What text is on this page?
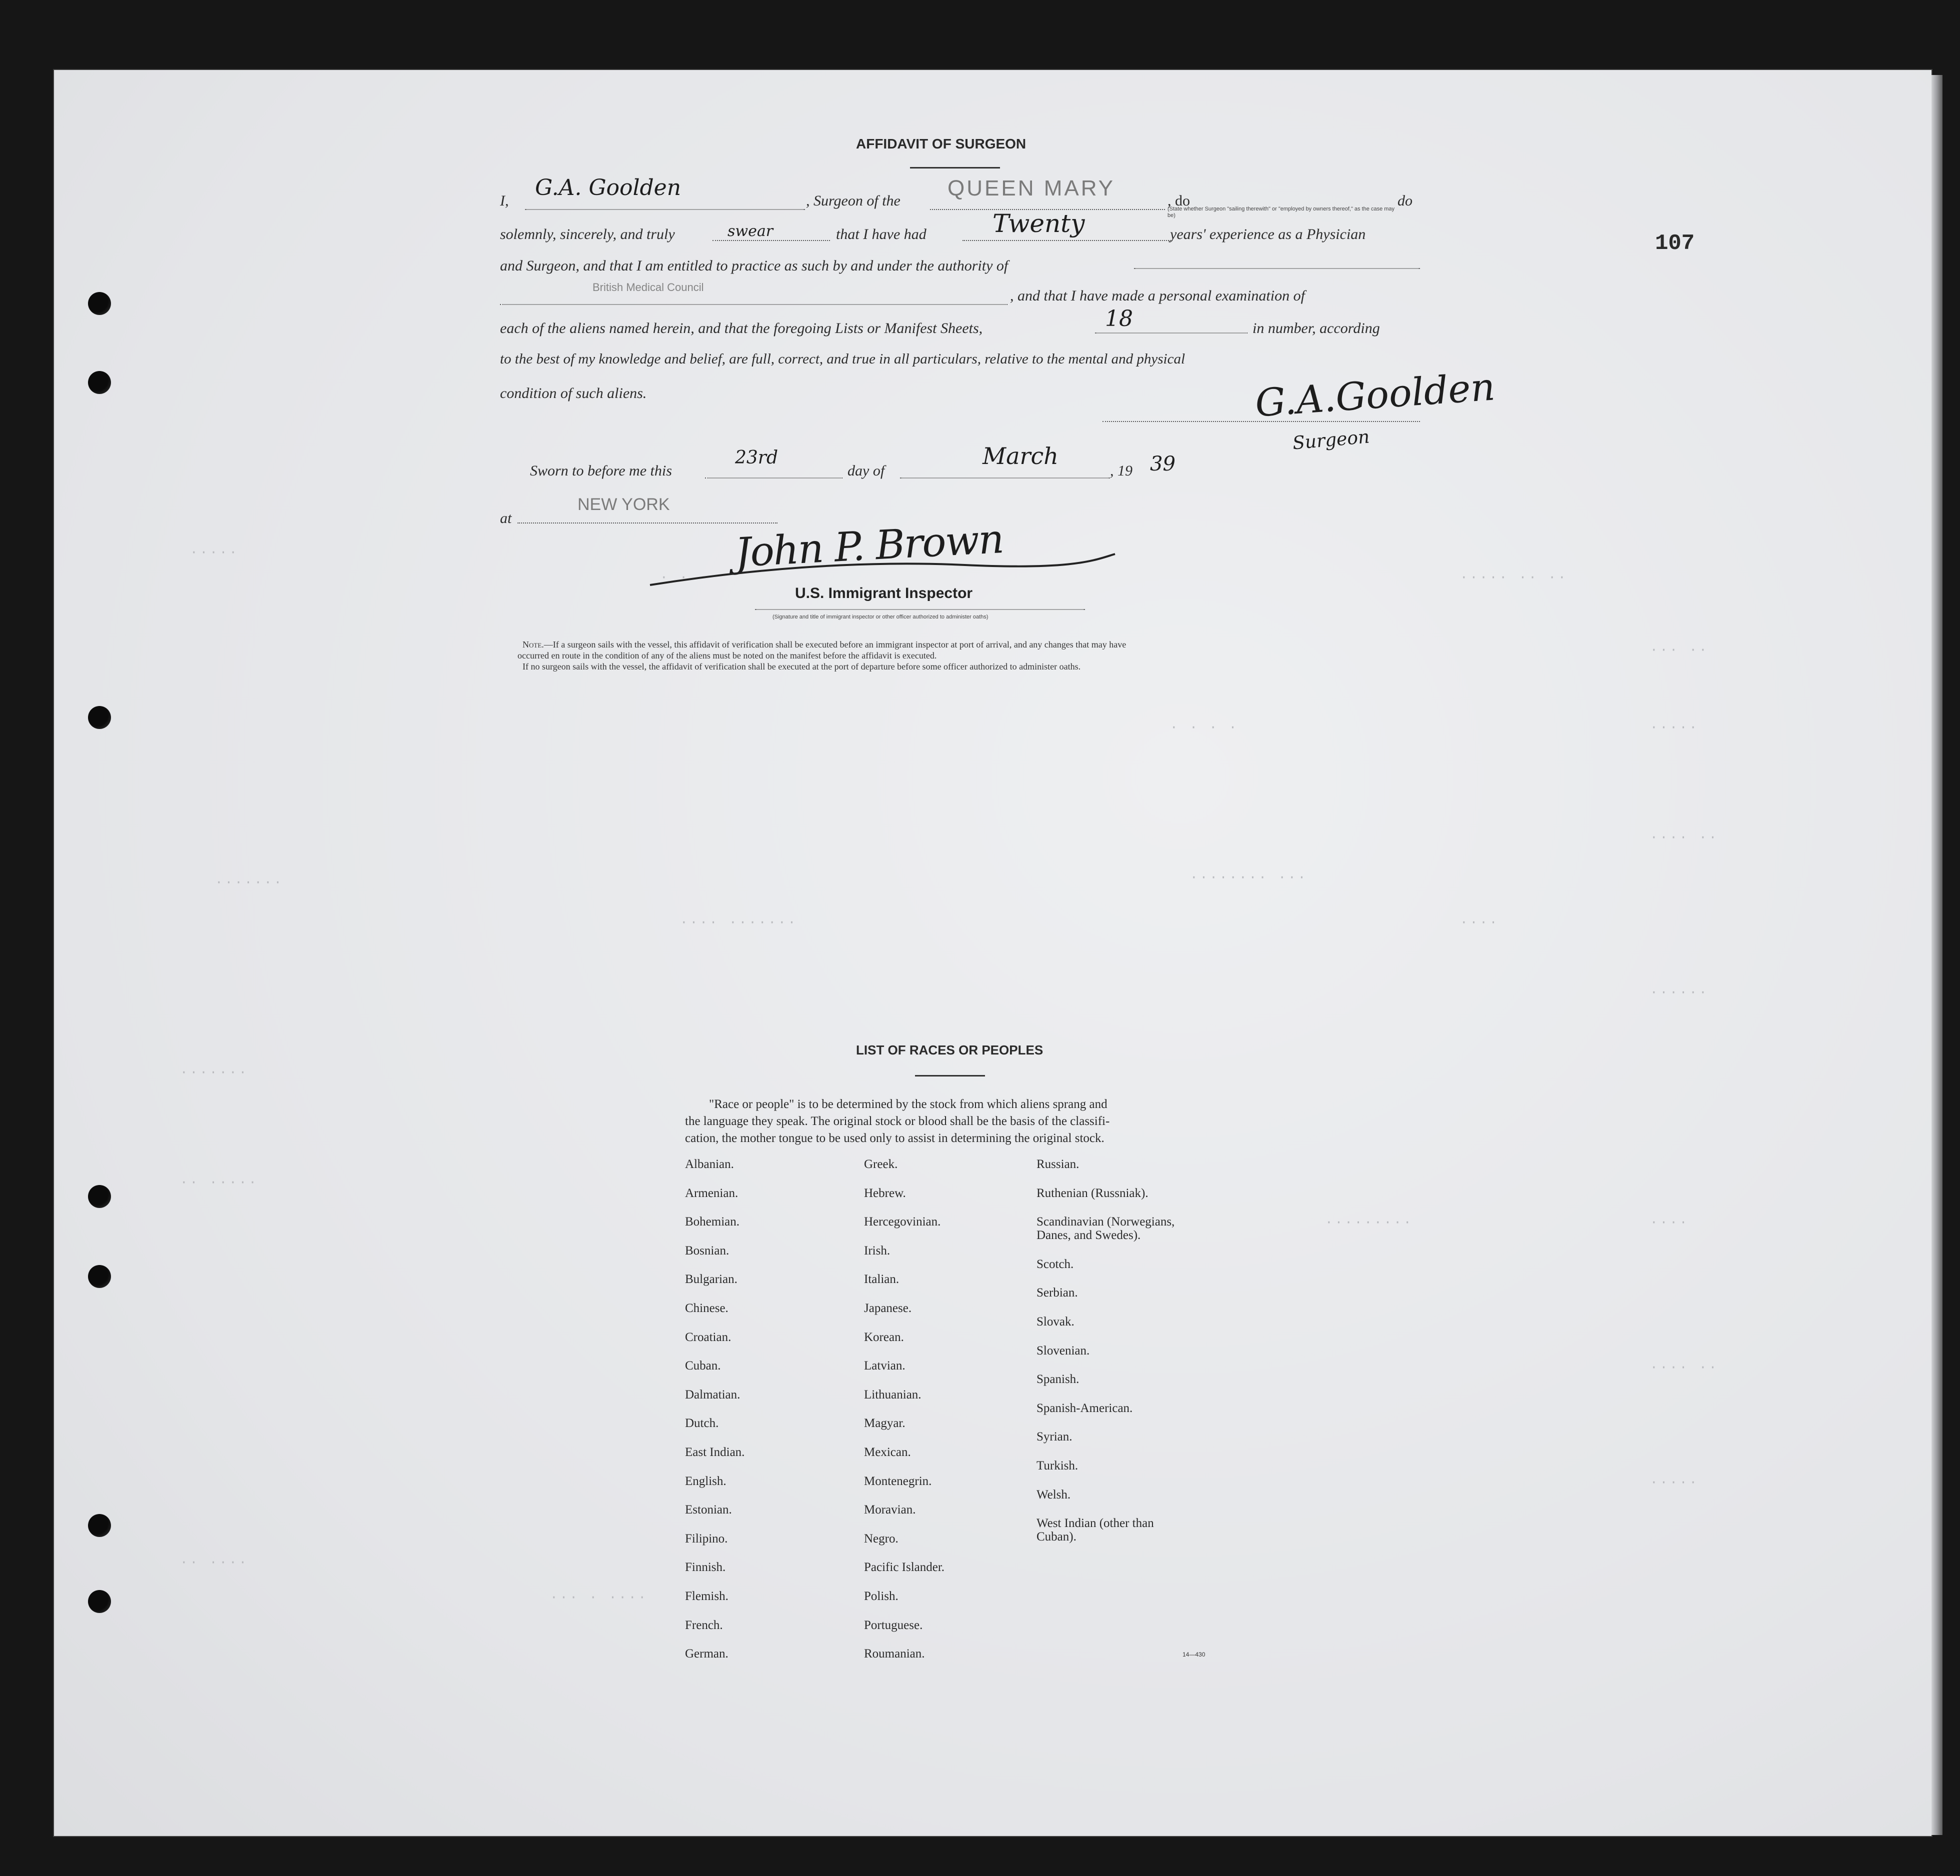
·····
· · ·
· · · ·
····· ·· ··
··· ··
·····
···· ··
·······
···· ·······
········ ···
····
······
·······
·· ·····
·········	····
···· ··
·····
·· ····
··· · ····
107
AFFIDAVIT OF SURGEON
I,
G.A. Goolden
, Surgeon of the
QUEEN MARY
, do
(State whether Surgeon "sailing therewith" or "employed by owners thereof," as the case may be)
do
solemnly, sincerely, and truly	swear	that I have had	Twenty	years' experience as a Physician
and Surgeon, and that I am entitled to practice as such by and under the authority of
British Medical Council
, and that I have made a personal examination of
each of the aliens named herein, and that the foregoing Lists or Manifest Sheets,	18	in number, according
to the best of my knowledge and belief, are full, correct, and true in all particulars, relative to the mental and physical
condition of such aliens.	G.A.Goolden
Surgeon
Sworn to before me this
23rd
day of
March
, 19 39
at
NEW YORK
John P. Brown
U.S. Immigrant Inspector
(Signature and title of immigrant inspector or other officer authorized to administer oaths)
Note.—If a surgeon sails with the vessel, this affidavit of verification shall be executed before an immigrant inspector at port of arrival, and any changes that may have
occurred en route in the condition of any of the aliens must be noted on the manifest before the affidavit is executed.
If no surgeon sails with the vessel, the affidavit of verification shall be executed at the port of departure before some officer authorized to administer oaths.
LIST OF RACES OR PEOPLES
"Race or people" is to be determined by the stock from which aliens sprang and
the language they speak. The original stock or blood shall be the basis of the classifi-
cation, the mother tongue to be used only to assist in determining the original stock.
Albanian.
Armenian.
Bohemian.
Bosnian.
Bulgarian.
Chinese.
Croatian.
Cuban.
Dalmatian.
Dutch.
East Indian.
English.
Estonian.
Filipino.
Finnish.
Flemish.
French.
German.
Greek.
Hebrew.
Hercegovinian.
Irish.
Italian.
Japanese.
Korean.
Latvian.
Lithuanian.
Magyar.
Mexican.
Montenegrin.
Moravian.
Negro.
Pacific Islander.
Polish.
Portuguese.
Roumanian.
Russian.
Ruthenian (Russniak).
Scandinavian (Norwegians,
Danes, and Swedes).
Scotch.
Serbian.
Slovak.
Slovenian.
Spanish.
Spanish-American.
Syrian.
Turkish.
Welsh.
West Indian (other than
Cuban).
14—430
